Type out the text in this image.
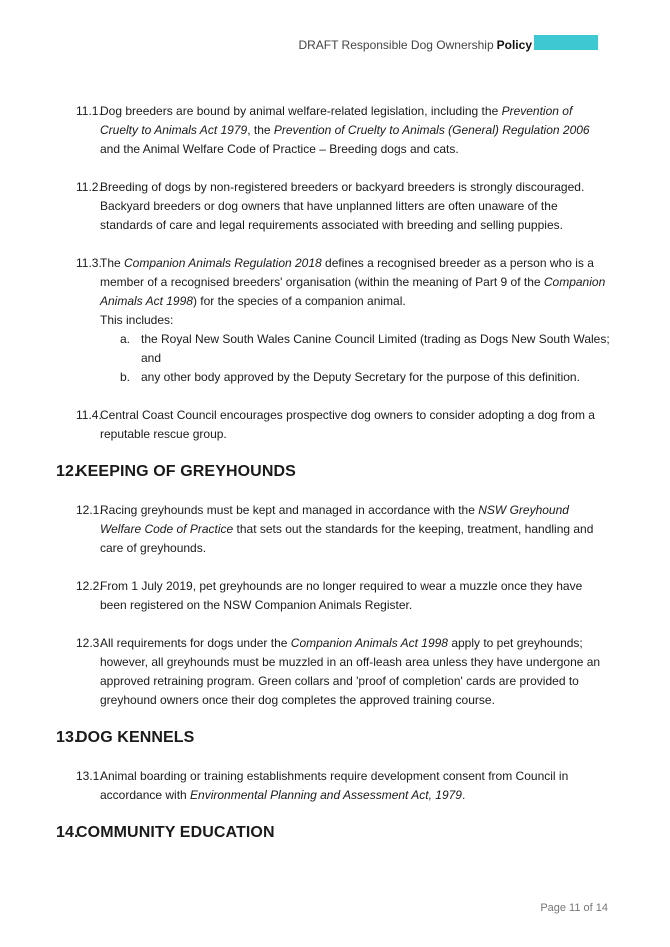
DRAFT Responsible Dog Ownership Policy
11.1.
Dog breeders are bound by animal welfare-related legislation, including the Prevention of Cruelty to Animals Act 1979, the Prevention of Cruelty to Animals (General) Regulation 2006 and the Animal Welfare Code of Practice – Breeding dogs and cats.
11.2.
Breeding of dogs by non-registered breeders or backyard breeders is strongly discouraged. Backyard breeders or dog owners that have unplanned litters are often unaware of the standards of care and legal requirements associated with breeding and selling puppies.
11.3.
The Companion Animals Regulation 2018 defines a recognised breeder as a person who is a member of a recognised breeders' organisation (within the meaning of Part 9 of the Companion Animals Act 1998) for the species of a companion animal.
This includes:
a. the Royal New South Wales Canine Council Limited (trading as Dogs New South Wales; and
b. any other body approved by the Deputy Secretary for the purpose of this definition.
11.4.
Central Coast Council encourages prospective dog owners to consider adopting a dog from a reputable rescue group.
12.
KEEPING OF GREYHOUNDS
12.1.
Racing greyhounds must be kept and managed in accordance with the NSW Greyhound Welfare Code of Practice that sets out the standards for the keeping, treatment, handling and care of greyhounds.
12.2.
From 1 July 2019, pet greyhounds are no longer required to wear a muzzle once they have been registered on the NSW Companion Animals Register.
12.3.
All requirements for dogs under the Companion Animals Act 1998 apply to pet greyhounds; however, all greyhounds must be muzzled in an off-leash area unless they have undergone an approved retraining program. Green collars and 'proof of completion' cards are provided to greyhound owners once their dog completes the approved training course.
13.
DOG KENNELS
13.1.
Animal boarding or training establishments require development consent from Council in accordance with Environmental Planning and Assessment Act, 1979.
14.
COMMUNITY EDUCATION
Page 11 of 14
